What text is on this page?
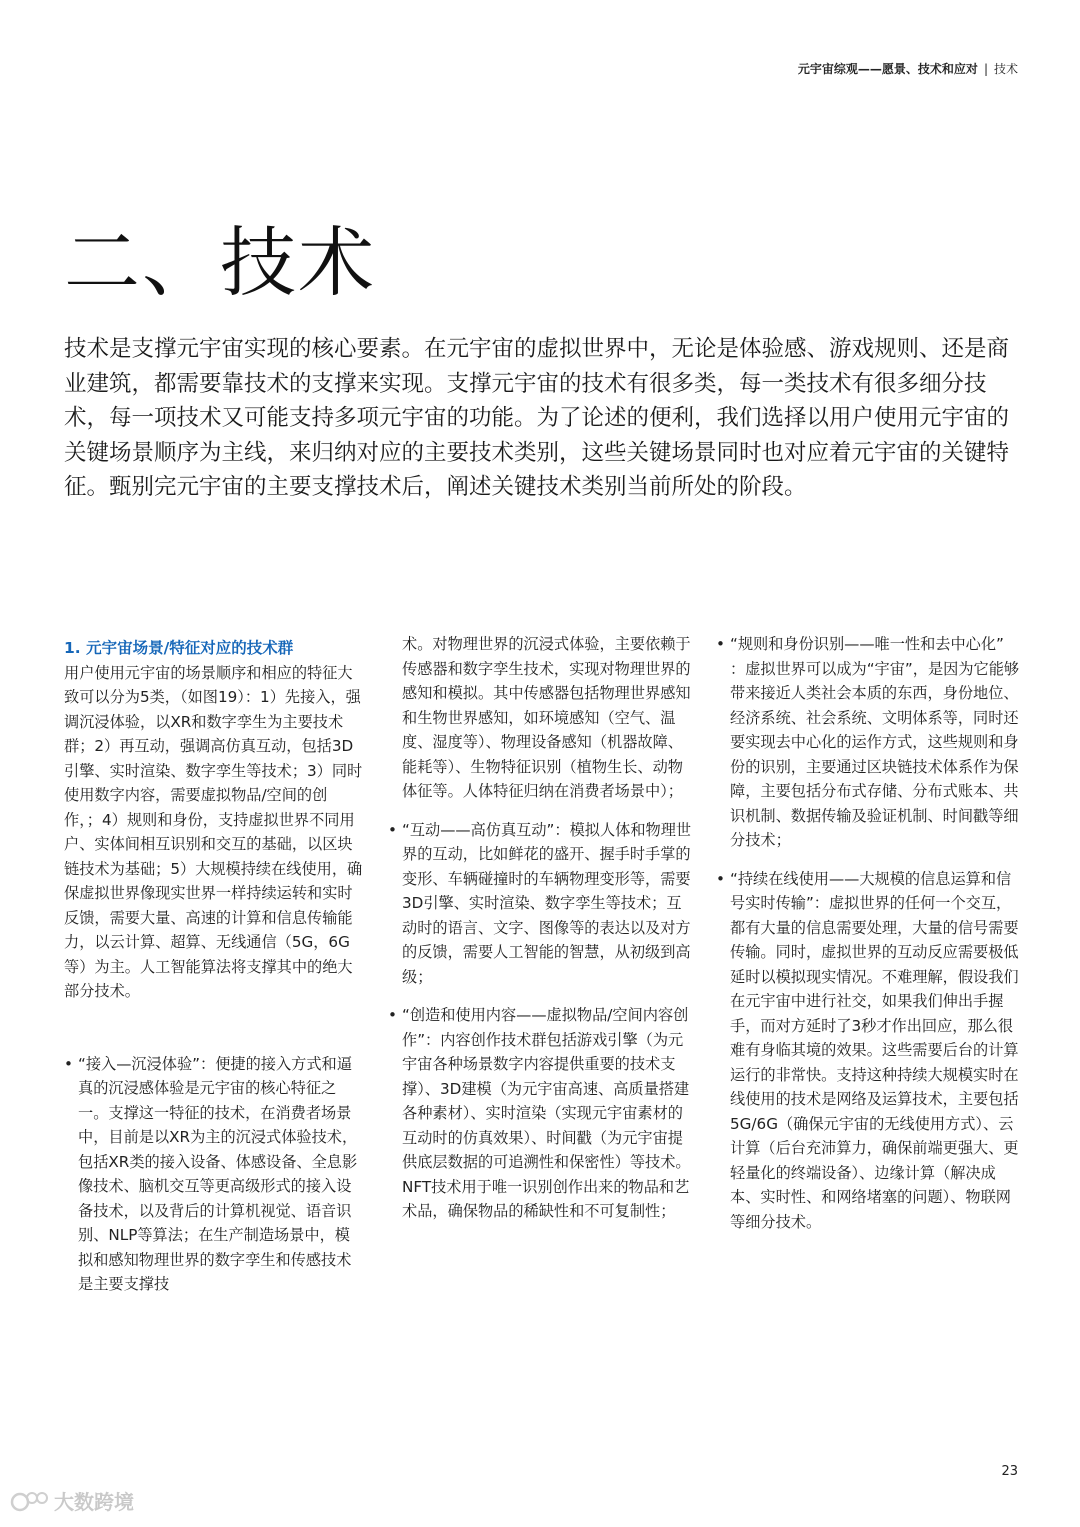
元宇宙综观——愿景、技术和应对 | 技术
二、技术

技术是支撑元宇宙实现的核心要素。在元宇宙的虚拟世界中，无论是体验感、游戏规则、还是商业建筑，都需要靠技术的支撑来实现。支撑元宇宙的技术有很多类，每一类技术有很多细分技术，每一项技术又可能支持多项元宇宙的功能。为了论述的便利，我们选择以用户使用元宇宙的关键场景顺序为主线，来归纳对应的主要技术类别，这些关键场景同时也对应着元宇宙的关键特征。甄别完元宇宙的主要支撑技术后，阐述关键技术类别当前所处的阶段。

1. 元宇宙场景/特征对应的技术群

用户使用元宇宙的场景顺序和相应的特征大致可以分为5类，（如图19）：1）先接入，强调沉浸体验，以XR和数字孪生为主要技术群；2）再互动，强调高仿真互动，包括3D引擎、实时渲染、数字孪生等技术；3）同时使用数字内容，需要虚拟物品/空间的创作，；4）规则和身份，支持虚拟世界不同用户、实体间相互识别和交互的基础，以区块链技术为基础；5）大规模持续在线使用，确保虚拟世界像现实世界一样持续运转和实时反馈，需要大量、高速的计算和信息传输能力，以云计算、超算、无线通信（5G，6G等）为主。人工智能算法将支撑其中的绝大部分技术。

• “接入—沉浸体验”：便捷的接入方式和逼真的沉浸感体验是元宇宙的核心特征之一。支撑这一特征的技术，在消费者场景中，目前是以XR为主的沉浸式体验技术，包括XR类的接入设备、体感设备、全息影像技术、脑机交互等更高级形式的接入设备技术，以及背后的计算机视觉、语音识别、NLP等算法；在生产制造场景中，模拟和感知物理世界的数字孪生和传感技术是主要支撑技

术。对物理世界的沉浸式体验，主要依赖于传感器和数字孪生技术，实现对物理世界的感知和模拟。其中传感器包括物理世界感知和生物世界感知，如环境感知（空气、温度、湿度等）、物理设备感知（机器故障、能耗等）、生物特征识别（植物生长、动物体征等。人体特征归纳在消费者场景中）；

• “互动——高仿真互动”：模拟人体和物理世界的互动，比如鲜花的盛开、握手时手掌的变形、车辆碰撞时的车辆物理变形等，需要3D引擎、实时渲染、数字孪生等技术；互动时的语言、文字、图像等的表达以及对方的反馈，需要人工智能的智慧，从初级到高级；
• “创造和使用内容——虚拟物品/空间内容创作”：内容创作技术群包括游戏引擎（为元宇宙各种场景数字内容提供重要的技术支撑）、3D建模（为元宇宙高速、高质量搭建各种素材）、实时渲染（实现元宇宙素材的互动时的仿真效果）、时间戳（为元宇宙提供底层数据的可追溯性和保密性）等技术。 NFT技术用于唯一识别创作出来的物品和艺术品，确保物品的稀缺性和不可复制性；
• “规则和身份识别——唯一性和去中心化” ：虚拟世界可以成为“宇宙”，是因为它能够带来接近人类社会本质的东西，身份地位、经济系统、社会系统、文明体系等，同时还要实现去中心化的运作方式，这些规则和身份的识别，主要通过区块链技术体系作为保障，主要包括分布式存储、分布式账本、共识机制、数据传输及验证机制、时间戳等细分技术；
• “持续在线使用——大规模的信息运算和信号实时传输”：虚拟世界的任何一个交互，都有大量的信息需要处理，大量的信号需要传输。同时，虚拟世界的互动反应需要极低延时以模拟现实情况。不难理解，假设我们在元宇宙中进行社交，如果我们伸出手握手，而对方延时了3秒才作出回应，那么很难有身临其境的效果。这些需要后台的计算运行的非常快。支持这种持续大规模实时在线使用的技术是网络及运算技术，主要包括5G/6G（确保元宇宙的无线使用方式）、云计算（后台充沛算力，确保前端更强大、更轻量化的终端设备）、边缘计算（解决成本、实时性、和网络堵塞的问题）、物联网等细分技术。
23
大数跨境
